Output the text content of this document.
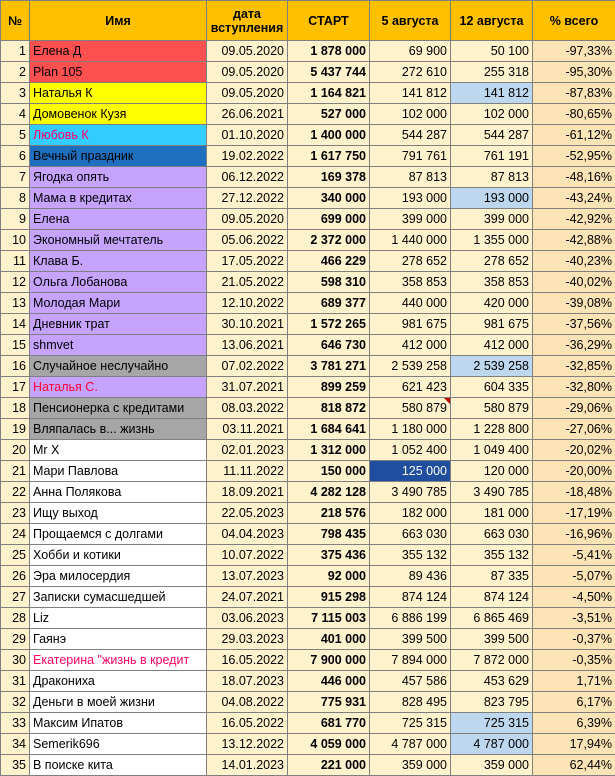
№	Имя	дата вступления	СТАРТ	5 августа	12 августа	% всего
1	Елена Д	09.05.2020	1 878 000	69 900	50 100	-97,33%
2	Plan 105	09.05.2020	5 437 744	272 610	255 318	-95,30%
3	Наталья К	09.05.2020	1 164 821	141 812	141 812	-87,83%
4	Домовенок Кузя	26.06.2021	527 000	102 000	102 000	-80,65%
5	Любовь К	01.10.2020	1 400 000	544 287	544 287	-61,12%
6	Вечный праздник	19.02.2022	1 617 750	791 761	761 191	-52,95%
7	Ягодка опять	06.12.2022	169 378	87 813	87 813	-48,16%
8	Мама в кредитах	27.12.2022	340 000	193 000	193 000	-43,24%
9	Елена	09.05.2020	699 000	399 000	399 000	-42,92%
10	Экономный мечтатель	05.06.2022	2 372 000	1 440 000	1 355 000	-42,88%
11	Клава Б.	17.05.2022	466 229	278 652	278 652	-40,23%
12	Ольга Лобанова	21.05.2022	598 310	358 853	358 853	-40,02%
13	Молодая Мари	12.10.2022	689 377	440 000	420 000	-39,08%
14	Дневник трат	30.10.2021	1 572 265	981 675	981 675	-37,56%
15	shmvet	13.06.2021	646 730	412 000	412 000	-36,29%
16	Случайное неслучайно	07.02.2022	3 781 271	2 539 258	2 539 258	-32,85%
17	Наталья С.	31.07.2021	899 259	621 423	604 335	-32,80%
18	Пенсионерка с кредитами	08.03.2022	818 872	580 879	580 879	-29,06%
19	Вляпалась в... жизнь	03.11.2021	1 684 641	1 180 000	1 228 800	-27,06%
20	Mr X	02.01.2023	1 312 000	1 052 400	1 049 400	-20,02%
21	Мари Павлова	11.11.2022	150 000	125 000	120 000	-20,00%
22	Анна Полякова	18.09.2021	4 282 128	3 490 785	3 490 785	-18,48%
23	Ищу выход	22.05.2023	218 576	182 000	181 000	-17,19%
24	Прощаемся с долгами	04.04.2023	798 435	663 030	663 030	-16,96%
25	Хобби и котики	10.07.2022	375 436	355 132	355 132	-5,41%
26	Эра милосердия	13.07.2023	92 000	89 436	87 335	-5,07%
27	Записки сумасшедшей	24.07.2021	915 298	874 124	874 124	-4,50%
28	Liz	03.06.2023	7 115 003	6 886 199	6 865 469	-3,51%
29	Гаянэ	29.03.2023	401 000	399 500	399 500	-0,37%
30	Екатерина "жизнь в кредит	16.05.2022	7 900 000	7 894 000	7 872 000	-0,35%
31	Дракониха	18.07.2023	446 000	457 586	453 629	1,71%
32	Деньги в моей жизни	04.08.2022	775 931	828 495	823 795	6,17%
33	Максим Ипатов	16.05.2022	681 770	725 315	725 315	6,39%
34	Semerik696	13.12.2022	4 059 000	4 787 000	4 787 000	17,94%
35	В поиске кита	14.01.2023	221 000	359 000	359 000	62,44%
